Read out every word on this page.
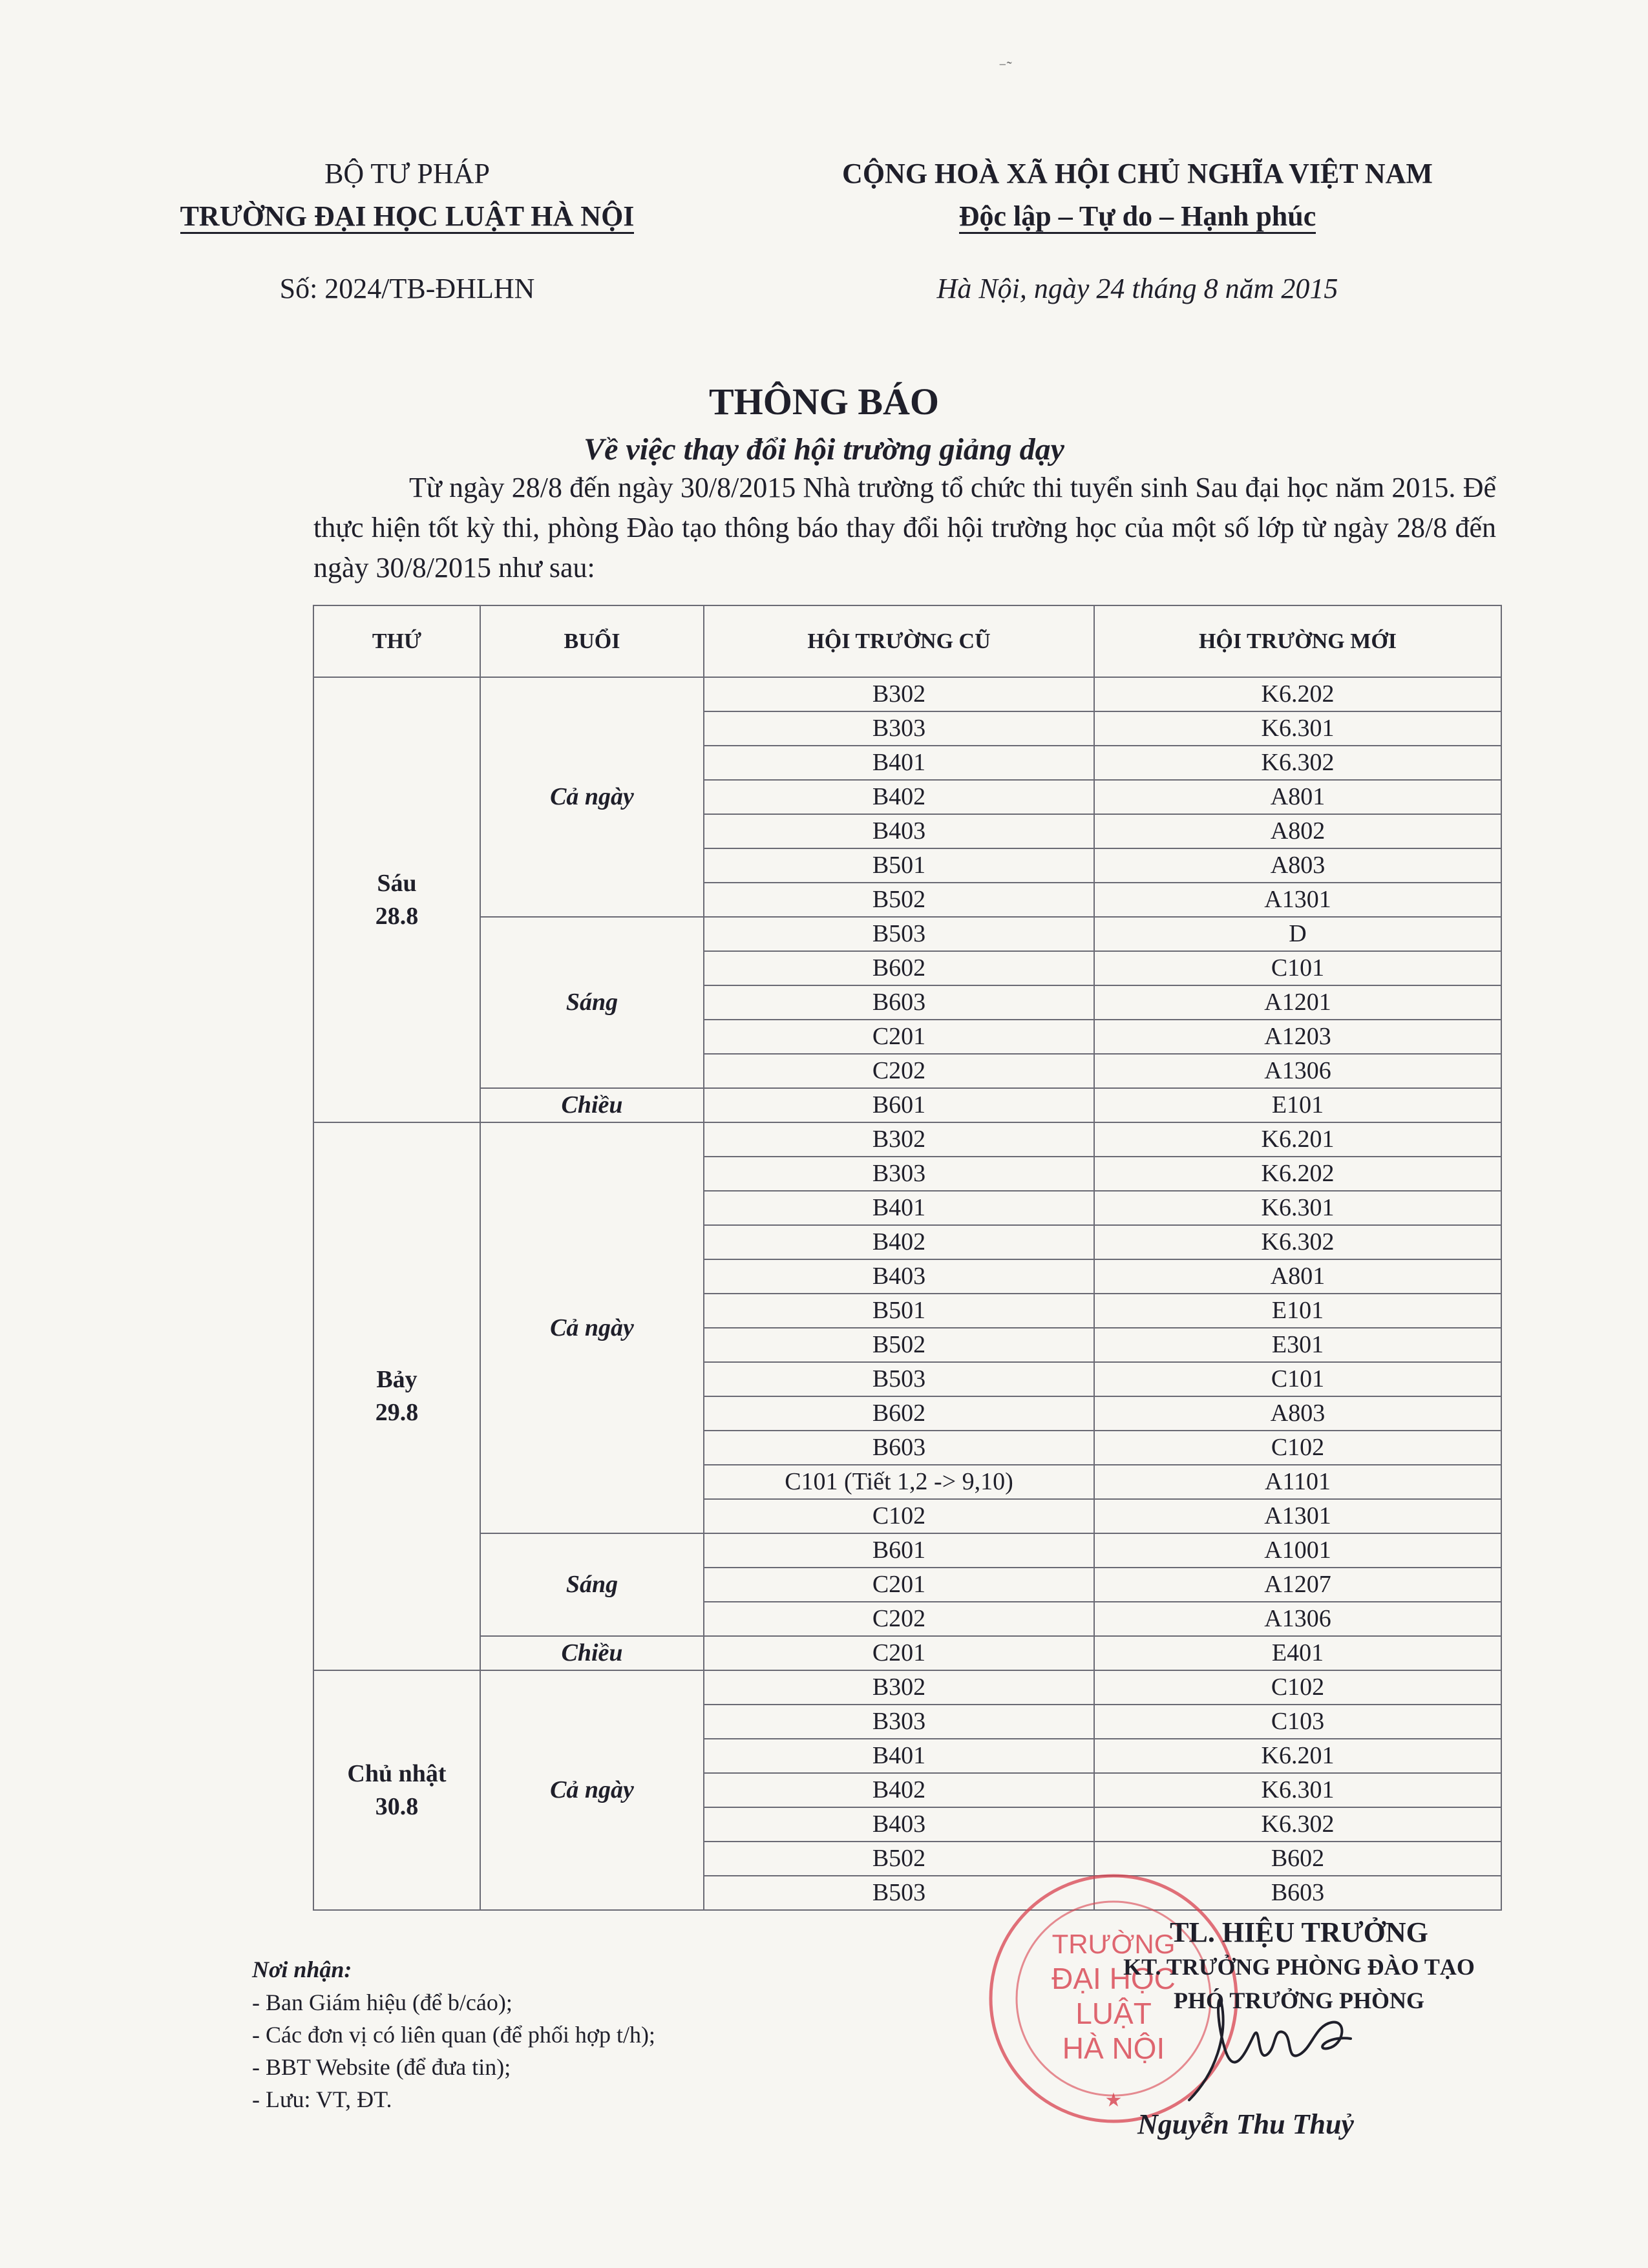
⁻˜
BỘ TƯ PHÁP
TRƯỜNG ĐẠI HỌC LUẬT HÀ NỘI
Số: 2024/TB-ĐHLHN
CỘNG HOÀ XÃ HỘI CHỦ NGHĨA VIỆT NAM
Độc lập – Tự do – Hạnh phúc
Hà Nội, ngày 24 tháng 8 năm 2015
THÔNG BÁO
Về việc thay đổi hội trường giảng dạy
Từ ngày 28/8 đến ngày 30/8/2015 Nhà trường tổ chức thi tuyển sinh Sau đại học năm 2015. Để thực hiện tốt kỳ thi, phòng Đào tạo thông báo thay đổi hội trường học của một số lớp từ ngày 28/8 đến ngày 30/8/2015 như sau:
THỨ	BUỔI	HỘI TRƯỜNG CŨ	HỘI TRƯỜNG MỚI

Sáu
28.8	Cả ngày	B302	K6.202
		B303	K6.301
		B401	K6.302
		B402	A801
		B403	A802
		B501	A803
		B502	A1301
	Sáng	B503	D
		B602	C101
		B603	A1201
		C201	A1203
		C202	A1306
	Chiều	B601	E101

Bảy
29.8	Cả ngày	B302	K6.201
		B303	K6.202
		B401	K6.301
		B402	K6.302
		B403	A801
		B501	E101
		B502	E301
		B503	C101
		B602	A803
		B603	C102
		C101 (Tiết 1,2 -> 9,10)	A1101
		C102	A1301
	Sáng	B601	A1001
		C201	A1207
		C202	A1306
	Chiều	C201	E401

Chủ nhật
30.8	Cả ngày	B302	C102
		B303	C103
		B401	K6.201
		B402	K6.301
		B403	K6.302
		B502	B602
		B503	B603
TRƯỜNG
ĐẠI HỌC
LUẬT
HÀ NỘI
★
TL. HIỆU TRƯỞNG
KT. TRƯỞNG PHÒNG ĐÀO TẠO
PHÓ TRƯỞNG PHÒNG
Nguyễn Thu Thuỷ
Nơi nhận:
- Ban Giám hiệu (để b/cáo);
- Các đơn vị có liên quan (để phối hợp t/h);
- BBT Website (để đưa tin);
- Lưu: VT, ĐT.
